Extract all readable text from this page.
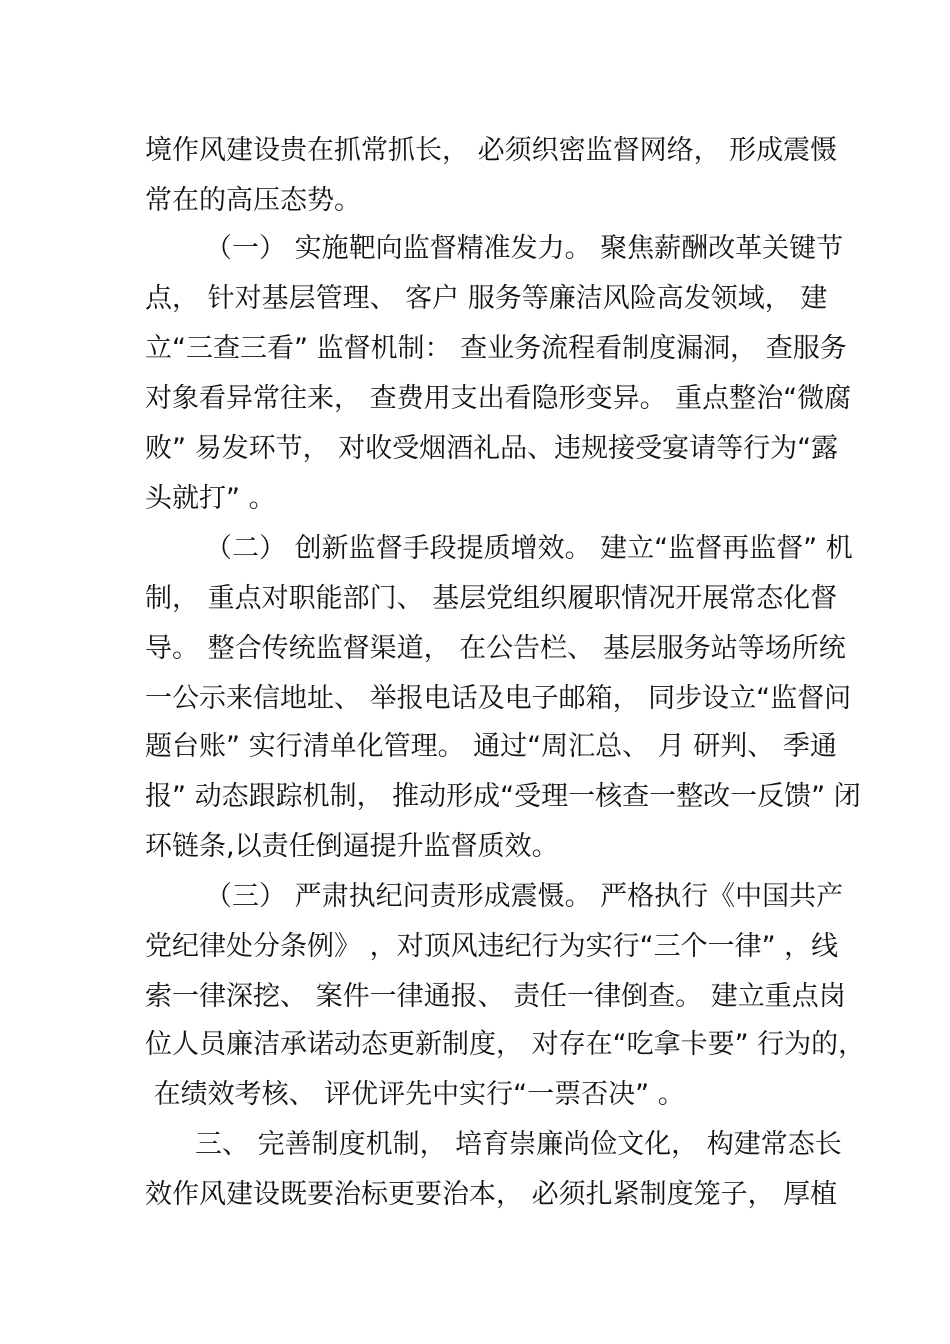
境作风建设贵在抓常抓长， 必须织密监督网络， 形成震慑
常在的高压态势。
（一） 实施靶向监督精准发力。 聚焦薪酬改革关键节
点， 针对基层管理、 客户 服务等廉洁风险高发领域， 建
立“三查三看” 监督机制： 查业务流程看制度漏洞， 查服务
对象看异常往来， 查费用支出看隐形变异。 重点整治“微腐
败” 易发环节， 对收受烟酒礼品、违规接受宴请等行为“露
头就打” 。
（二） 创新监督手段提质增效。 建立“监督再监督” 机
制， 重点对职能部门、 基层党组织履职情况开展常态化督
导。 整合传统监督渠道， 在公告栏、 基层服务站等场所统
一公示来信地址、 举报电话及电子邮箱， 同步设立“监督问
题台账” 实行清单化管理。 通过“周汇总、 月 研判、 季通
报” 动态跟踪机制， 推动形成“受理一核查一整改一反馈” 闭
环链条,以责任倒逼提升监督质效。
（三） 严肃执纪问责形成震慑。 严格执行《中国共产
党纪律处分条例》 ，对顶风违纪行为实行“三个一律” ，线
索一律深挖、 案件一律通报、 责任一律倒查。 建立重点岗
位人员廉洁承诺动态更新制度， 对存在“吃拿卡要” 行为的，
在绩效考核、 评优评先中实行“一票否决” 。
三、 完善制度机制， 培育崇廉尚俭文化， 构建常态长
效作风建设既要治标更要治本， 必须扎紧制度笼子， 厚植
